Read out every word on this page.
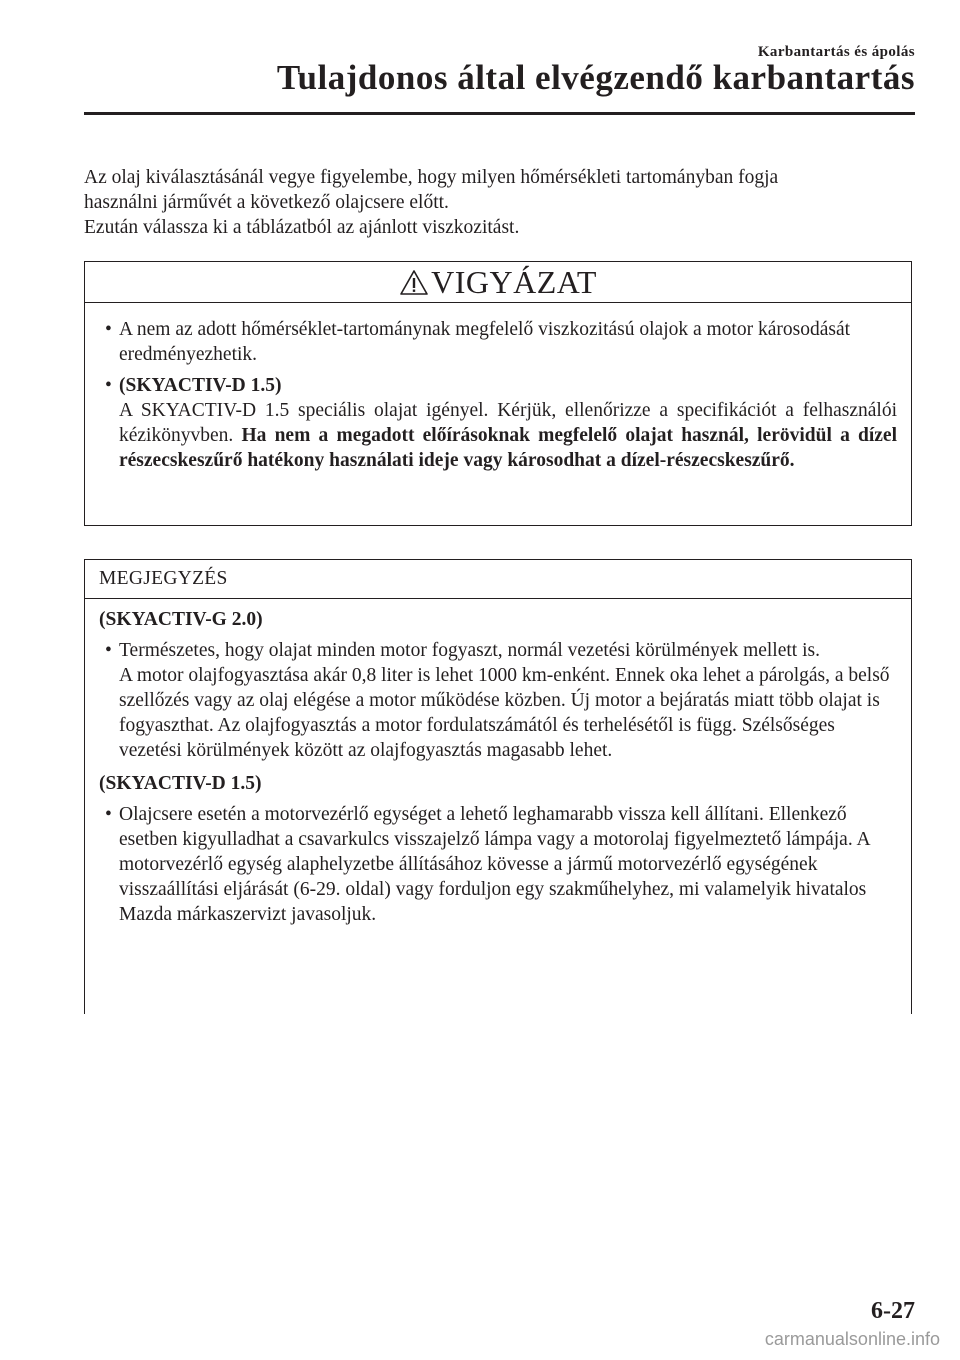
Karbantartás és ápolás
Tulajdonos által elvégzendő karbantartás

Az olaj kiválasztásánál vegye figyelembe, hogy milyen hőmérsékleti tartományban fogja

használni járművét a következő olajcsere előtt.

Ezután válassza ki a táblázatból az ajánlott viszkozitást.

VIGYÁZAT
• A nem az adott hőmérséklet-tartománynak megfelelő viszkozitású olajok a motor károsodását eredményezhetik.

• (SKYACTIV-D 1.5)

A SKYACTIV-D 1.5 speciális olajat igényel. Kérjük, ellenőrizze a specifikációt a felhasználói kézikönyvben. Ha nem a megadott előírásoknak megfelelő olajat használ, lerövidül a dízel részecskeszűrő hatékony használati ideje vagy károsodhat a dízel-részecskeszűrő.

MEGJEGYZÉS

(SKYACTIV-G 2.0)

• Természetes, hogy olajat minden motor fogyaszt, normál vezetési körülmények mellett is.

A motor olajfogyasztása akár 0,8 liter is lehet 1000 km-enként. Ennek oka lehet a párolgás, a belső szellőzés vagy az olaj elégése a motor működése közben. Új motor a bejáratás miatt több olajat is fogyaszthat. Az olajfogyasztás a motor fordulatszámától és terhelésétől is függ. Szélsőséges vezetési körülmények között az olajfogyasztás magasabb lehet.

(SKYACTIV-D 1.5)

• Olajcsere esetén a motorvezérlő egységet a lehető leghamarabb vissza kell állítani. Ellenkező esetben kigyulladhat a csavarkulcs visszajelző lámpa vagy a motorolaj figyelmeztető lámpája. A motorvezérlő egység alaphelyzetbe állításához kövesse a jármű motorvezérlő egységének visszaállítási eljárását (6-29. oldal) vagy forduljon egy szakműhelyhez, mi valamelyik hivatalos Mazda márkaszervizt javasoljuk.

6-27
carmanualsonline.info
